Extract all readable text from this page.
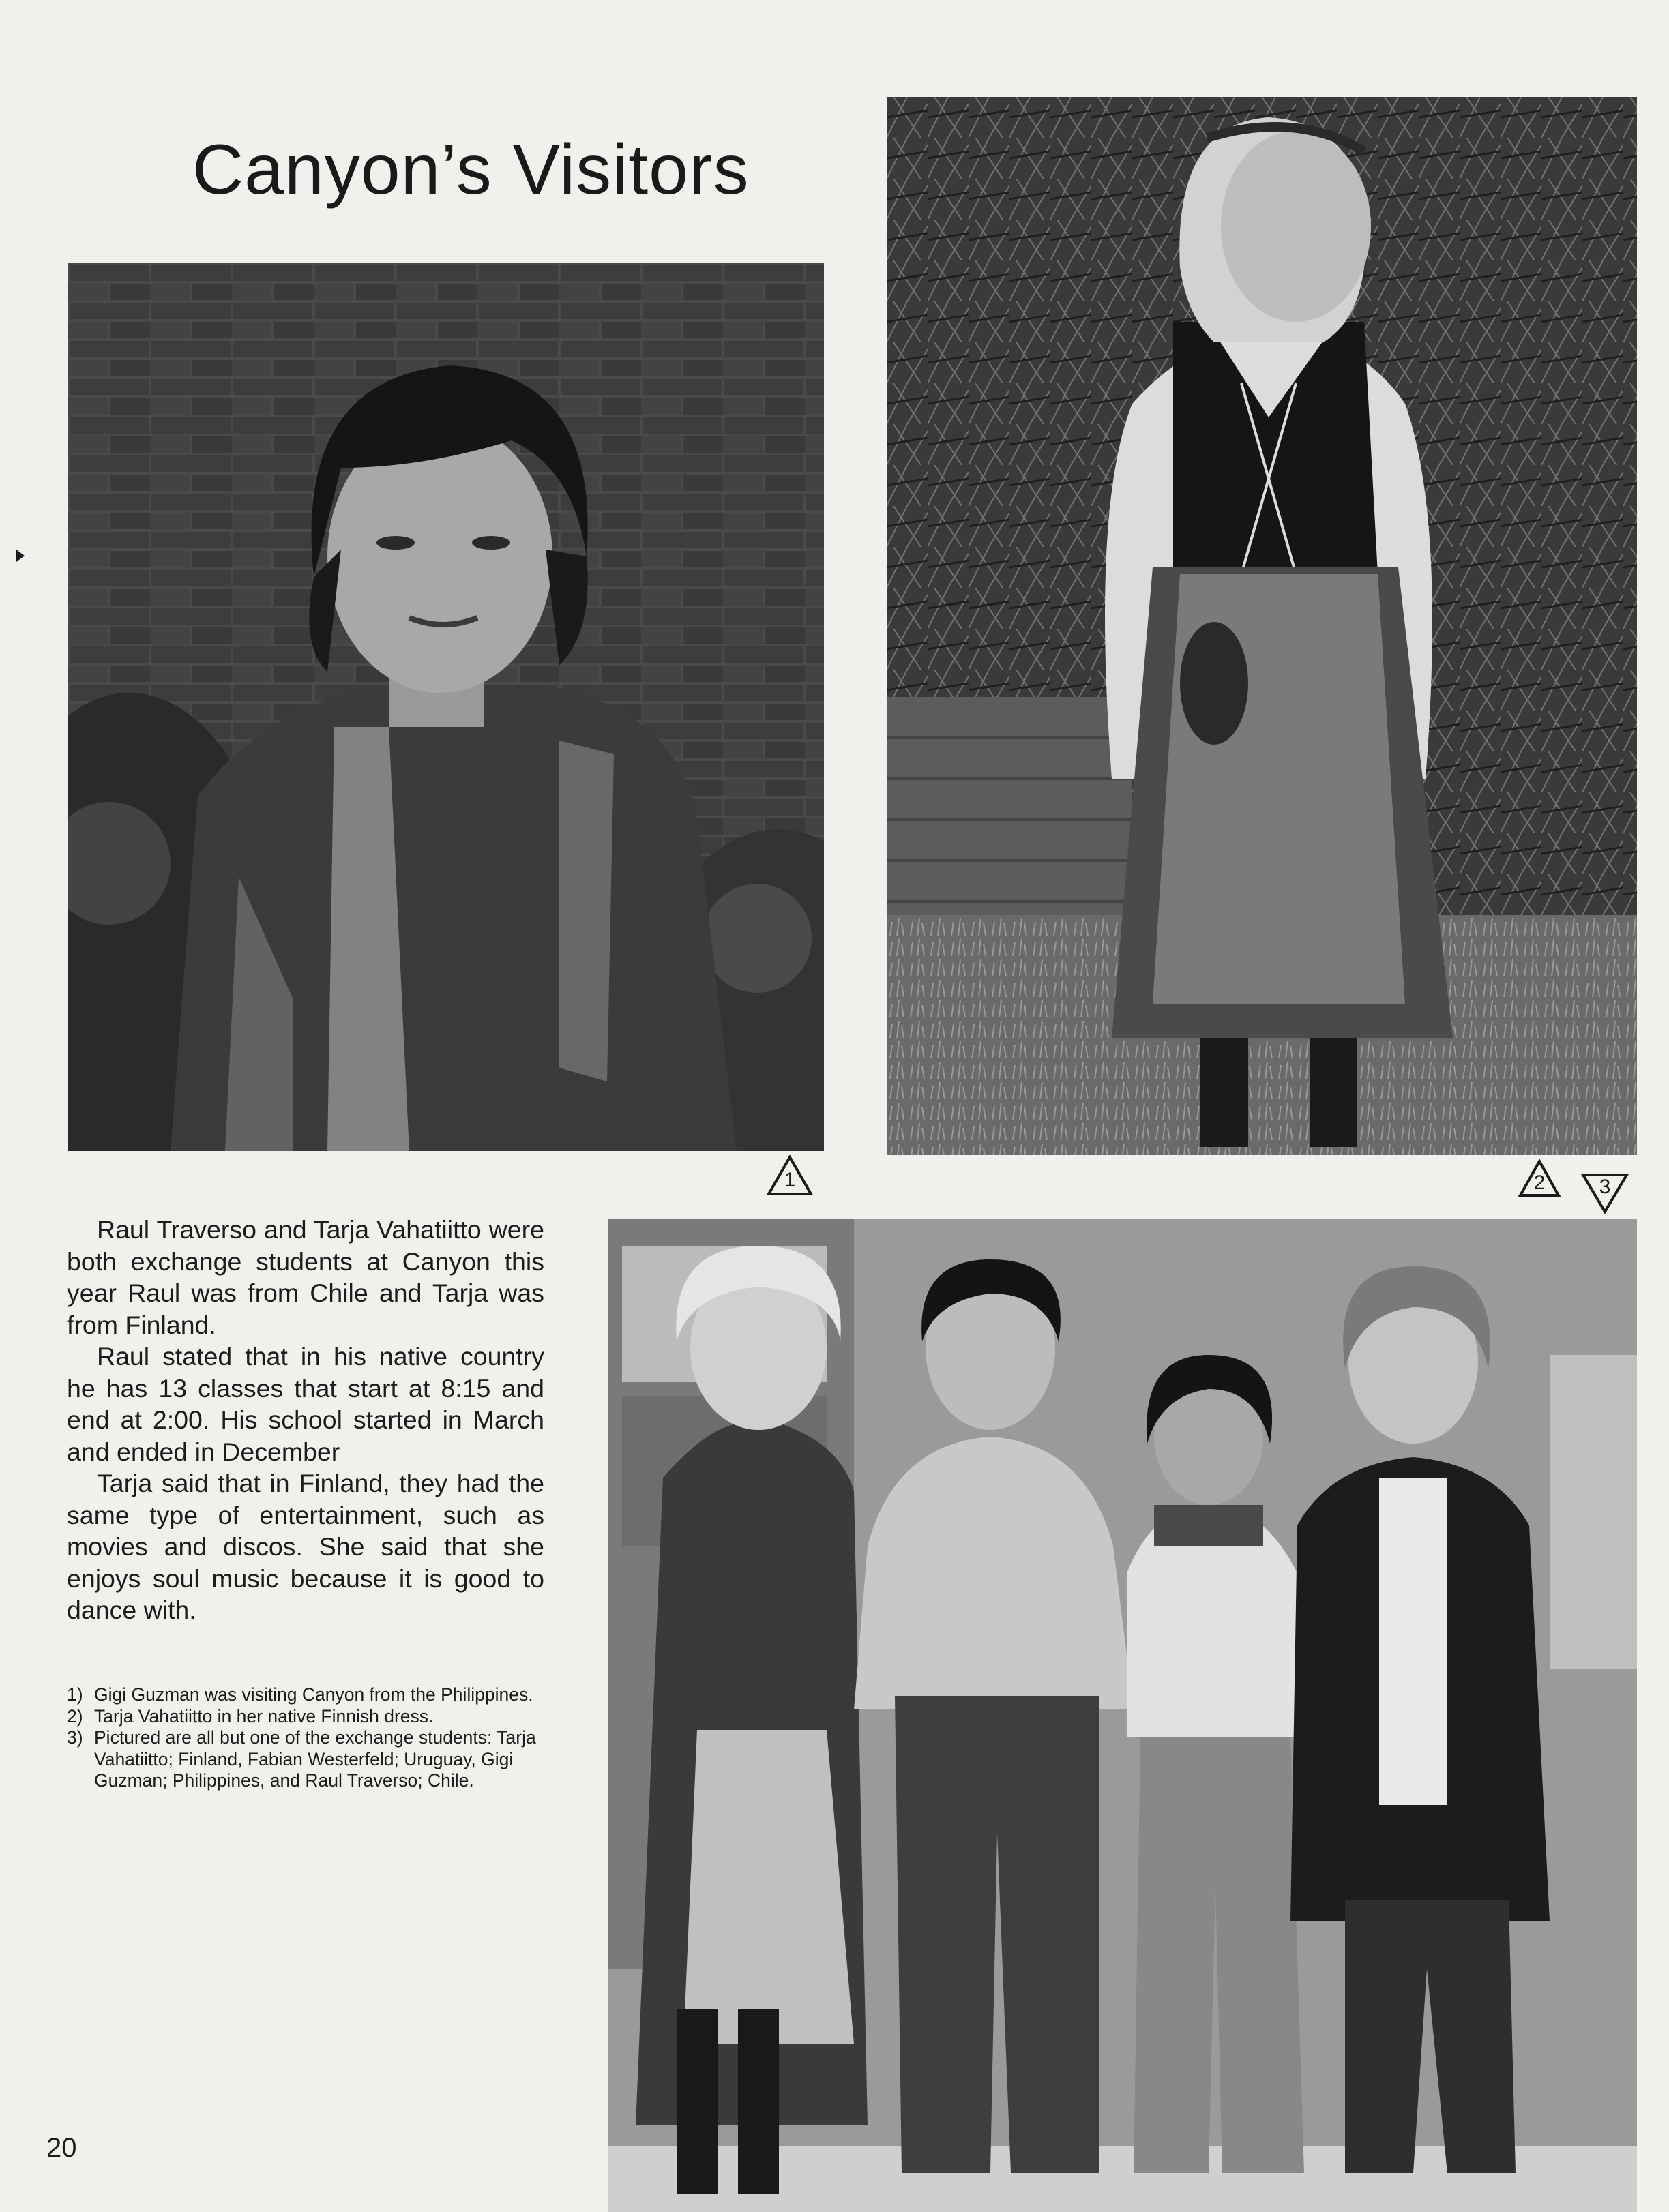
Canyon’s Visitors
1	2	3

Raul Traverso and Tarja Vahatiitto were both exchange students at Canyon this year Raul was from Chile and Tarja was from Finland.

Raul stated that in his native country he has 13 classes that start at 8:15 and end at 2:00. His school started in March and ended in December

Tarja said that in Finland, they had the same type of entertainment, such as movies and discos. She said that she enjoys soul music because it is good to dance with.

1) Gigi Guzman was visiting Canyon from the Philippines.
2) Tarja Vahatiitto in her native Finnish dress.
3) Pictured are all but one of the exchange students: Tarja Vahatiitto; Finland, Fabian Westerfeld; Uruguay, Gigi Guzman; Philippines, and Raul Traverso; Chile.
20
